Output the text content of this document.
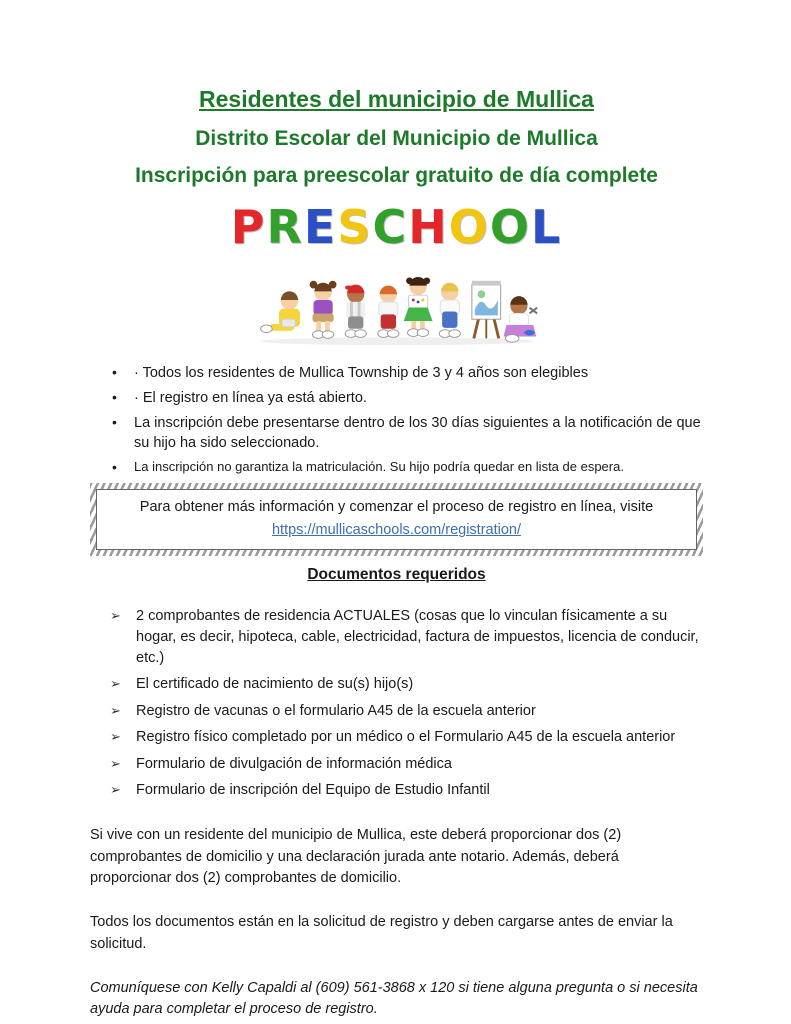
Residentes del municipio de Mullica
Distrito Escolar del Municipio de Mullica
Inscripción para preescolar gratuito de día complete
PRESCHOOL
•	· Todos los residentes de Mullica Township de 3 y 4 años son elegibles
•	· El registro en línea ya está abierto.
•	La inscripción debe presentarse dentro de los 30 días siguientes a la notificación de que su hijo ha sido seleccionado.
•	La inscripción no garantiza la matriculación. Su hijo podría quedar en lista de espera.
Para obtener más información y comenzar el proceso de registro en línea, visite
https://mullicaschools.com/registration/
Documentos requeridos
➢	2 comprobantes de residencia ACTUALES (cosas que lo vinculan físicamente a su hogar, es decir, hipoteca, cable, electricidad, factura de impuestos, licencia de conducir, etc.)
➢	El certificado de nacimiento de su(s) hijo(s)
➢	Registro de vacunas o el formulario A45 de la escuela anterior
➢	Registro físico completado por un médico o el Formulario A45 de la escuela anterior
➢	Formulario de divulgación de información médica
➢	Formulario de inscripción del Equipo de Estudio Infantil

Si vive con un residente del municipio de Mullica, este deberá proporcionar dos (2) comprobantes de domicilio y una declaración jurada ante notario. Además, deberá proporcionar dos (2) comprobantes de domicilio.

Todos los documentos están en la solicitud de registro y deben cargarse antes de enviar la solicitud.

Comuníquese con Kelly Capaldi al (609) 561-3868 x 120 si tiene alguna pregunta o si necesita ayuda para completar el proceso de registro.
